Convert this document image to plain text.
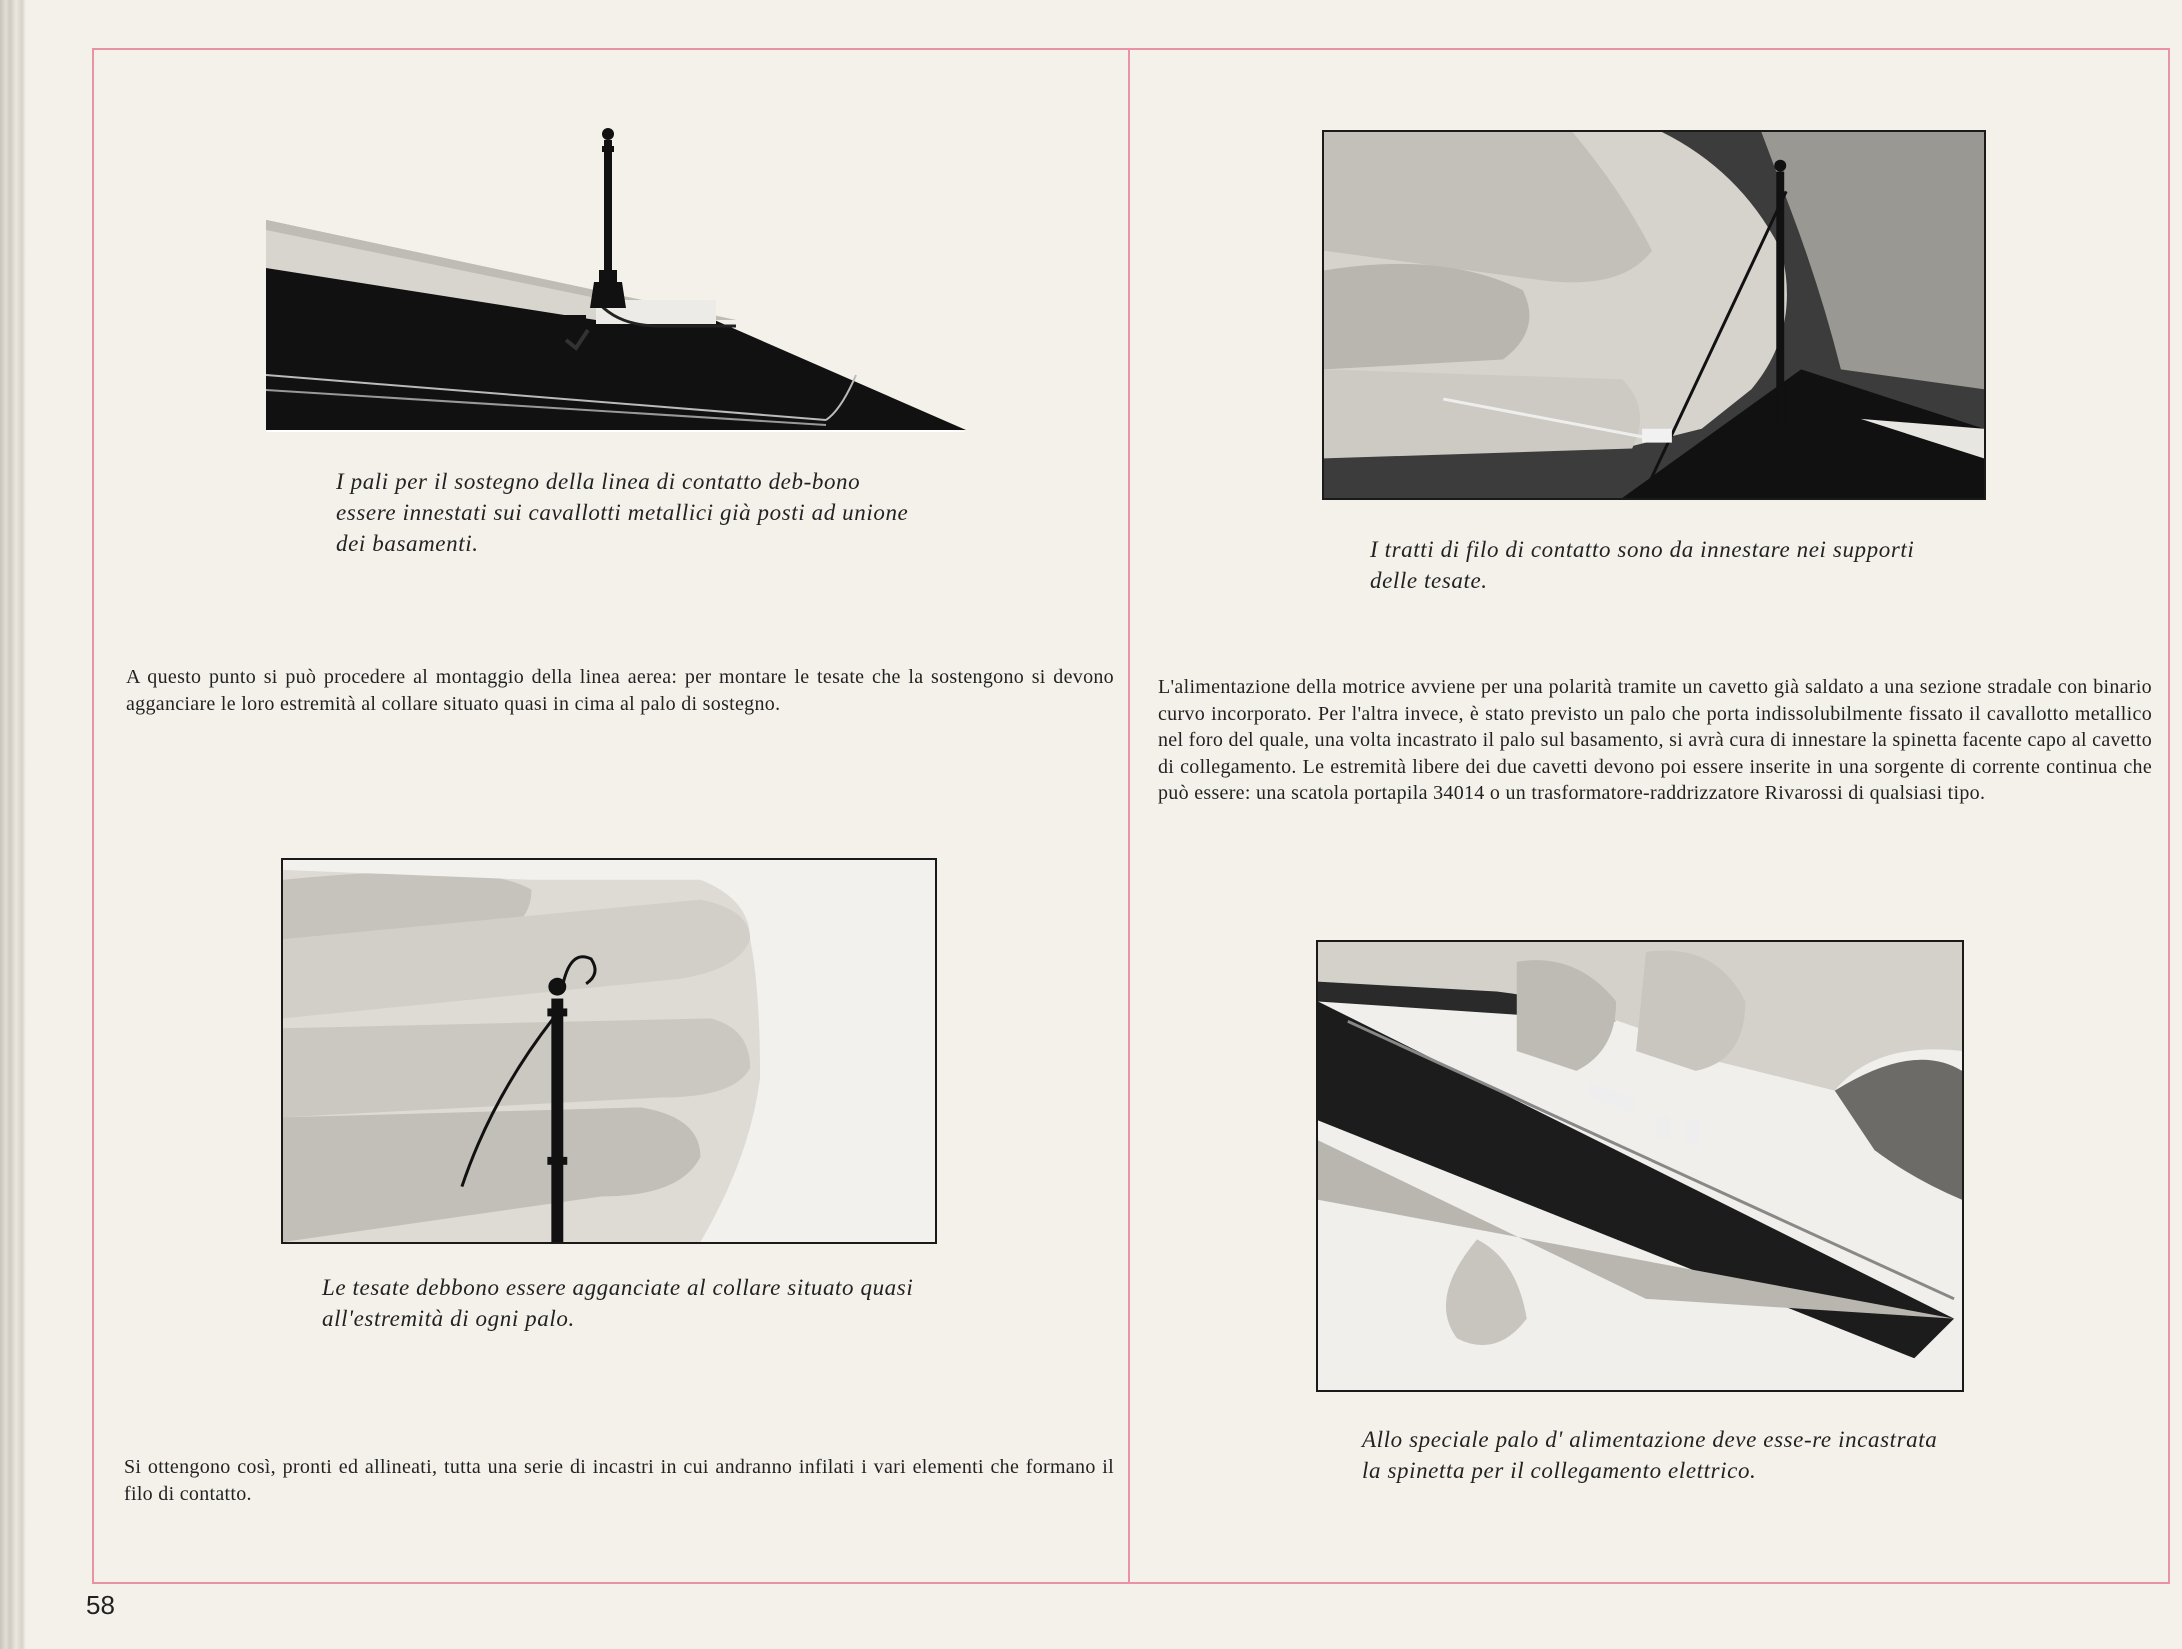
I pali per il sostegno della linea di contatto deb-bono essere innestati sui cavallotti metallici già posti ad unione dei basamenti.
A questo punto si può procedere al montaggio della linea aerea: per montare le tesate che la sostengono si devono agganciare le loro estremità al collare situato quasi in cima al palo di sostegno.
Le tesate debbono essere agganciate al collare situato quasi all'estremità di ogni palo.
Si ottengono così, pronti ed allineati, tutta una serie di incastri in cui andranno infilati i vari elementi che formano il filo di contatto.
I tratti di filo di contatto sono da innestare nei supporti delle tesate.
L'alimentazione della motrice avviene per una polarità tramite un cavetto già saldato a una sezione stradale con binario curvo incorporato. Per l'altra invece, è stato previsto un palo che porta indissolubilmente fissato il cavallotto metallico nel foro del quale, una volta incastrato il palo sul basamento, si avrà cura di innestare la spinetta facente capo al cavetto di collegamento. Le estremità libere dei due cavetti devono poi essere inserite in una sorgente di corrente continua che può essere: una scatola portapila 34014 o un trasformatore-raddrizzatore Rivarossi di qualsiasi tipo.
Allo speciale palo d' alimentazione deve esse-re incastrata la spinetta per il collegamento elettrico.
58
